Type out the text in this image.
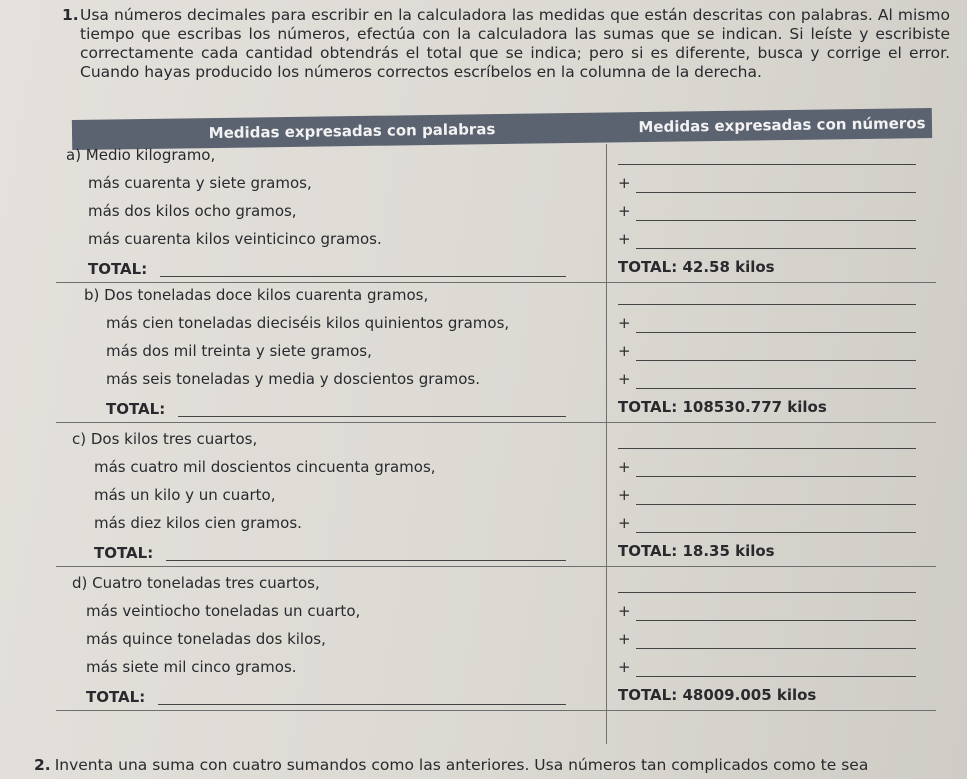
1. Usa números decimales para escribir en la calculadora las medidas que están descritas con palabras. Al mismo tiempo que escribas los números, efectúa con la calculadora las sumas que se indican. Si leíste y escribiste correctamente cada cantidad obtendrás el total que se indica; pero si es diferente, busca y corrige el error. Cuando hayas producido los números correctos escríbelos en la columna de la derecha.

Medidas expresadas con palabras	Medidas expresadas con números
a) Medio kilogramo,
más cuarenta y siete gramos,	+
más dos kilos ocho gramos,	+
más cuarenta kilos veinticinco gramos.	+
TOTAL:	TOTAL: 42.58 kilos
b) Dos toneladas doce kilos cuarenta gramos,
más cien toneladas dieciséis kilos quinientos gramos,	+
más dos mil treinta y siete gramos,	+
más seis toneladas y media y doscientos gramos.	+
TOTAL:	TOTAL: 108530.777 kilos
c) Dos kilos tres cuartos,
más cuatro mil doscientos cincuenta gramos,	+
más un kilo y un cuarto,	+
más diez kilos cien gramos.	+
TOTAL:	TOTAL: 18.35 kilos
d) Cuatro toneladas tres cuartos,
más veintiocho toneladas un cuarto,	+
más quince toneladas dos kilos,	+
más siete mil cinco gramos.	+
TOTAL:	TOTAL: 48009.005 kilos
2. Inventa una suma con cuatro sumandos como las anteriores. Usa números tan complicados como te sea
